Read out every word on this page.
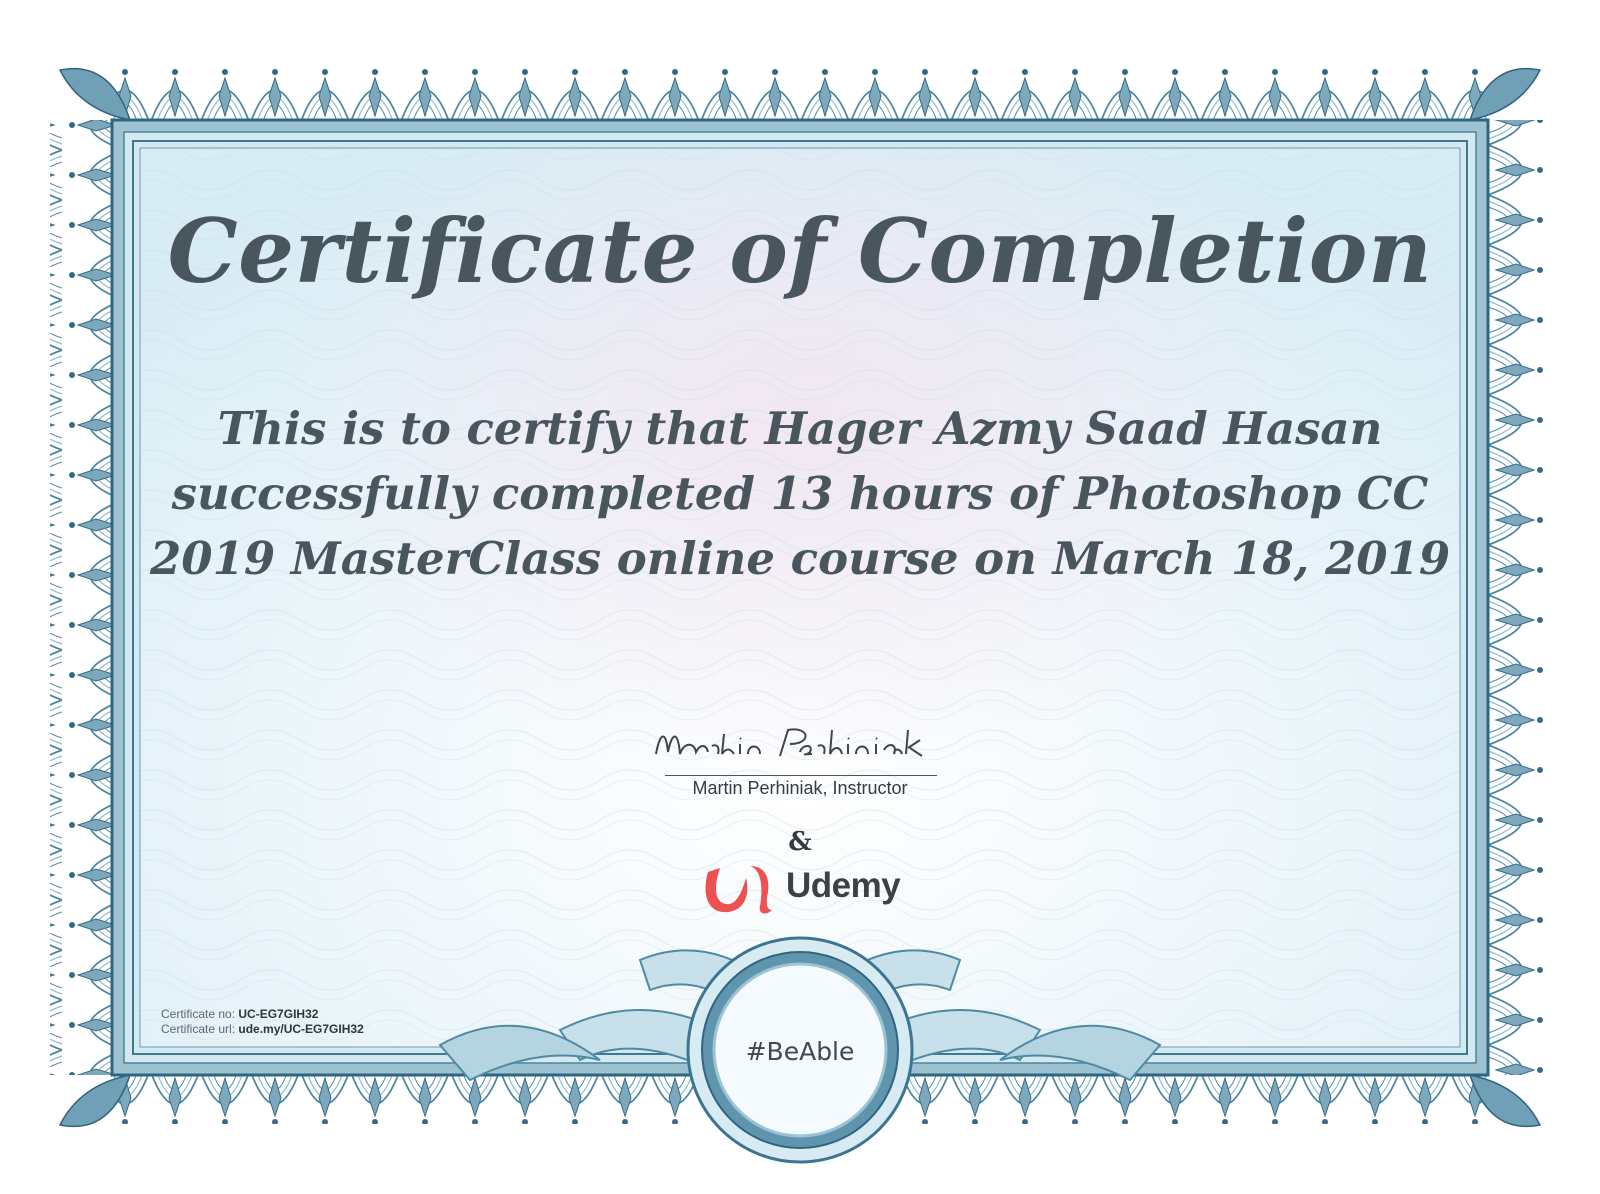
Certificate of Completion
This is to certify that Hager Azmy Saad Hasan
successfully completed 13 hours of Photoshop CC
2019 MasterClass online course on March 18, 2019
Martin Perhiniak, Instructor
&
Udemy
Certificate no: UC-EG7GIH32
Certificate url: ude.my/UC-EG7GIH32
#BeAble
